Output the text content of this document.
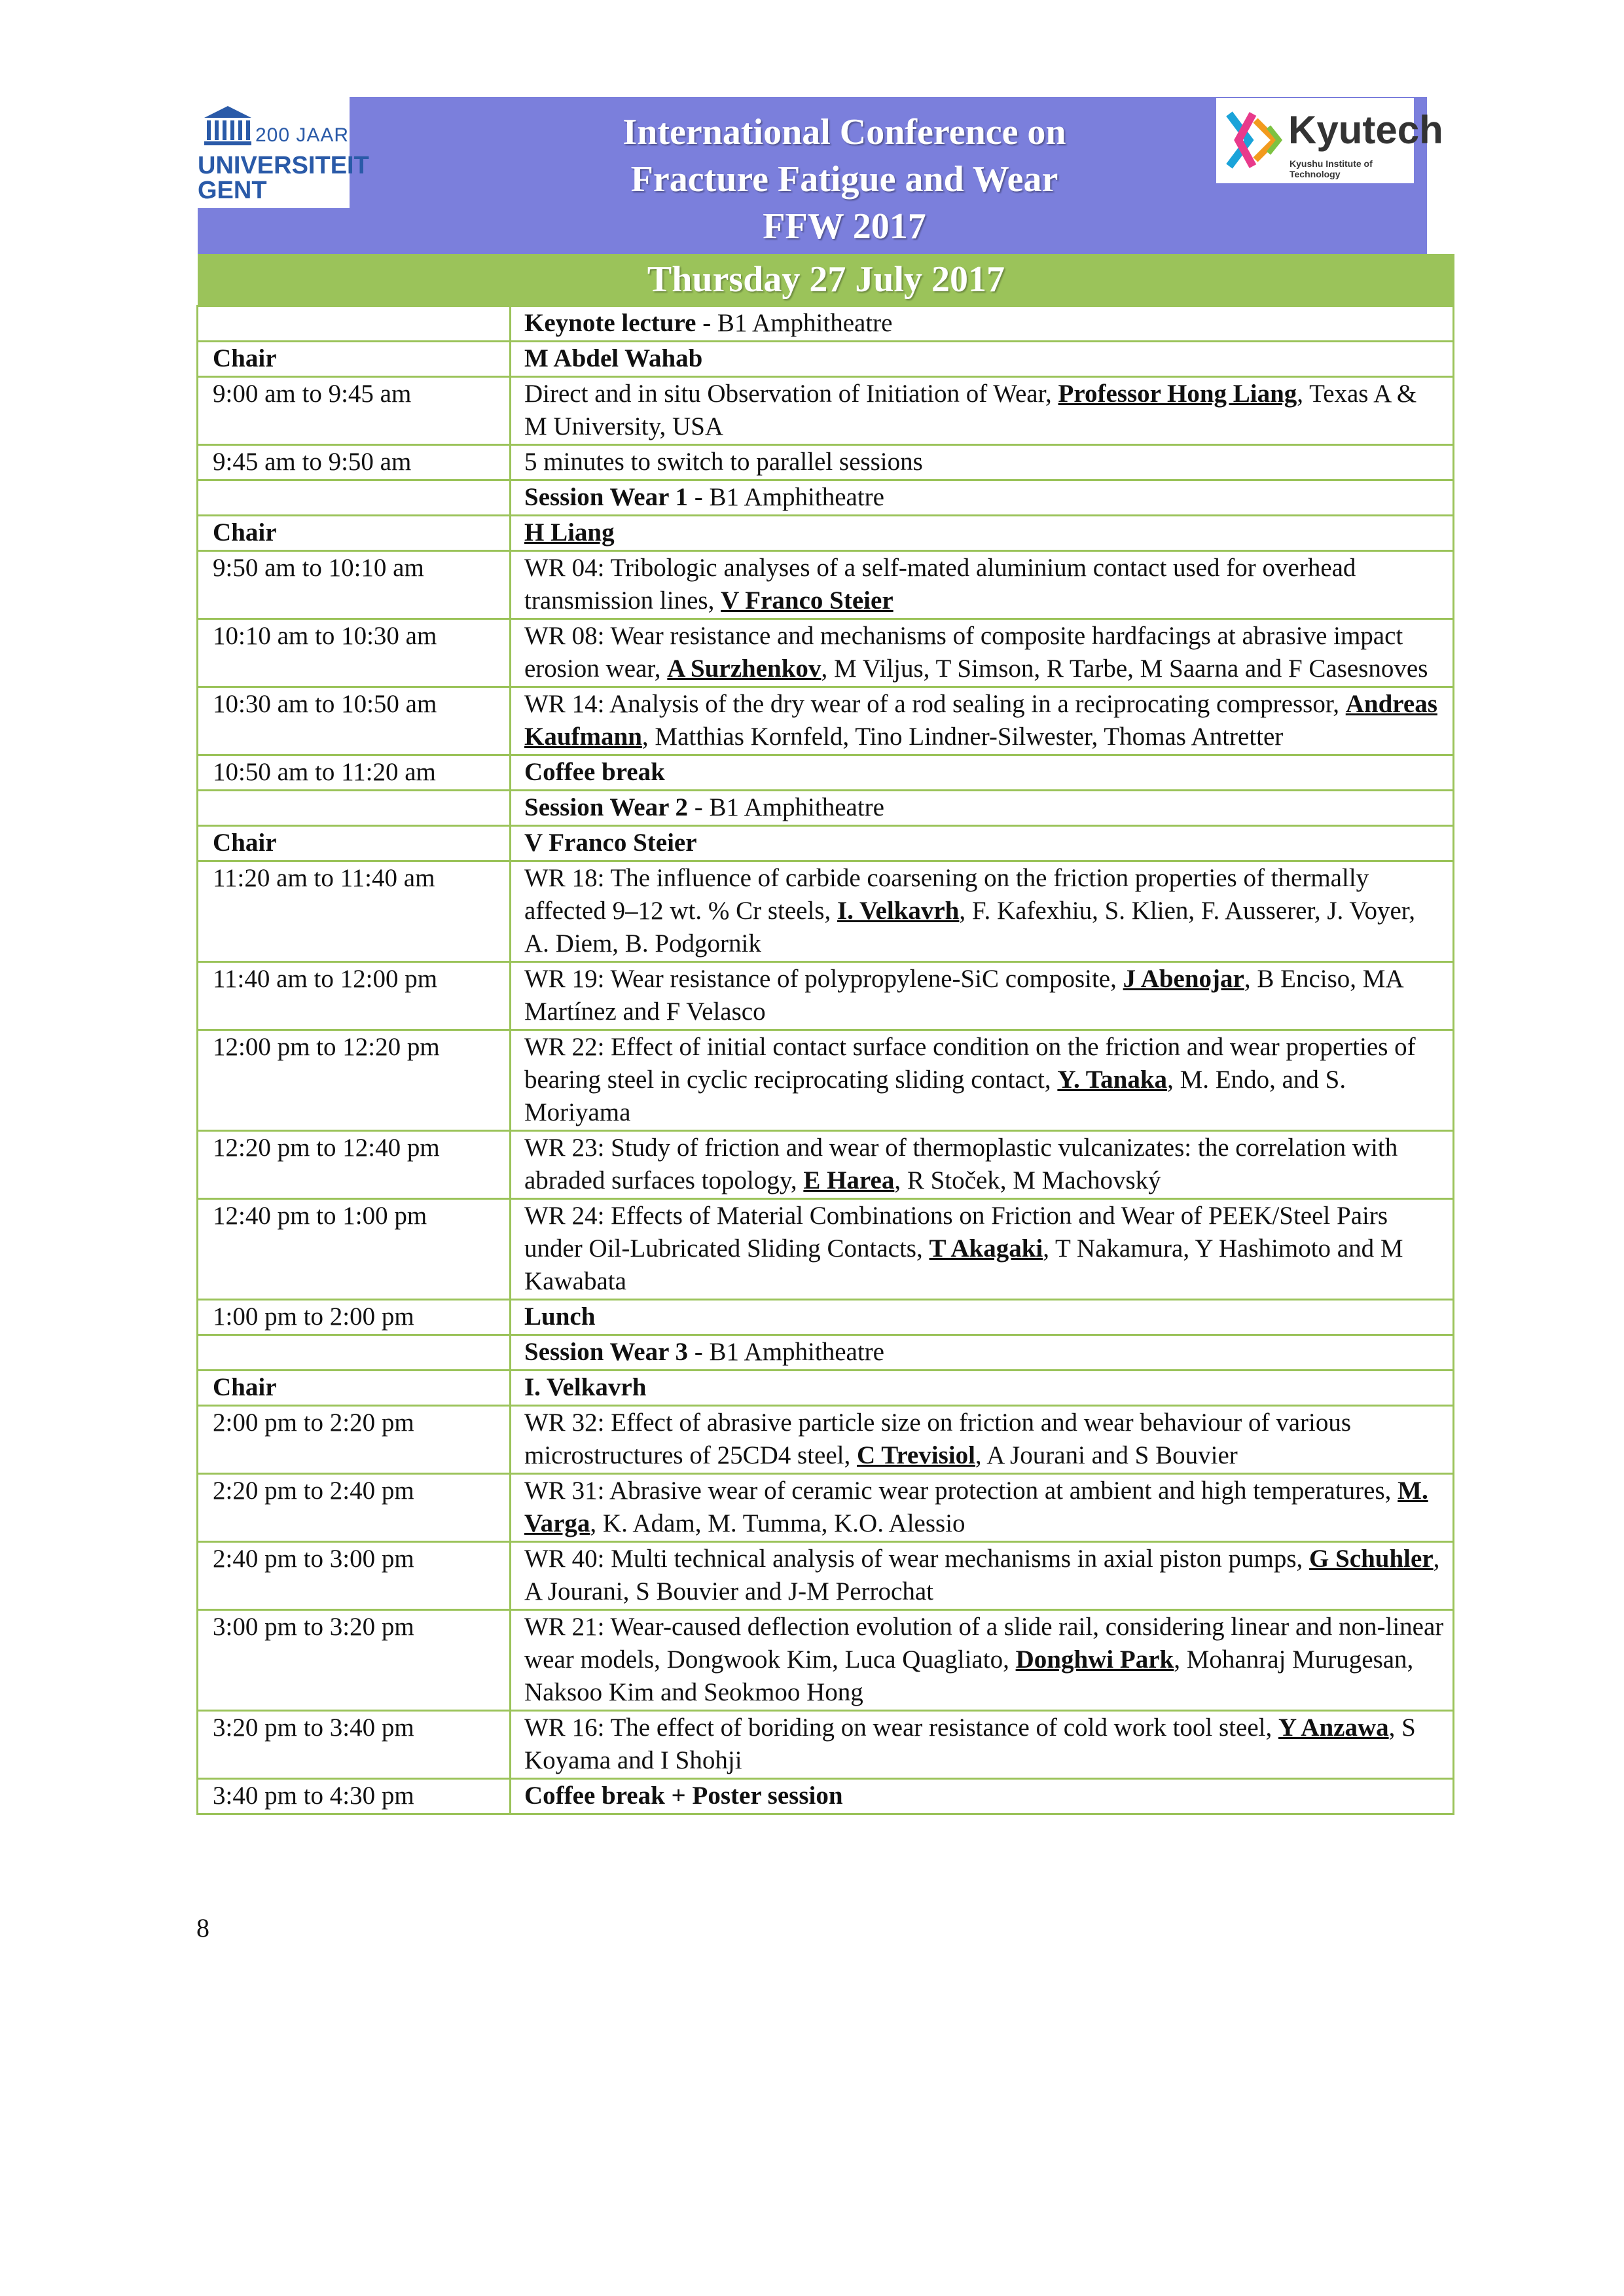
200 JAAR
UNIVERSITEIT
GENT
International Conference on
Fracture Fatigue and Wear
FFW 2017
Kyutech
Kyushu Institute of Technology
Thursday 27 July 2017
	Keynote lecture - B1 Amphitheatre
Chair	M Abdel Wahab
9:00 am to 9:45 am	Direct and in situ Observation of Initiation of Wear, Professor Hong Liang, Texas A & M University, USA
9:45 am to 9:50 am	5 minutes to switch to parallel sessions
	Session Wear 1 - B1 Amphitheatre
Chair	H Liang
9:50 am to 10:10 am	WR 04: Tribologic analyses of a self-mated aluminium contact used for overhead transmission lines, V Franco Steier
10:10 am to 10:30 am	WR 08: Wear resistance and mechanisms of composite hardfacings at abrasive impact erosion wear, A Surzhenkov, M Viljus, T Simson, R Tarbe, M Saarna and F Casesnoves
10:30 am to 10:50 am	WR 14: Analysis of the dry wear of a rod sealing in a reciprocating compressor, Andreas Kaufmann, Matthias Kornfeld, Tino Lindner-Silwester, Thomas Antretter
10:50 am to 11:20 am	Coffee break
	Session Wear 2 - B1 Amphitheatre
Chair	V Franco Steier
11:20 am to 11:40 am	WR 18: The influence of carbide coarsening on the friction properties of thermally affected 9–12 wt. % Cr steels, I. Velkavrh, F. Kafexhiu, S. Klien, F. Ausserer, J. Voyer, A. Diem, B. Podgornik
11:40 am to 12:00 pm	WR 19: Wear resistance of polypropylene-SiC composite, J Abenojar, B Enciso, MA Martínez and F Velasco
12:00 pm to 12:20 pm	WR 22: Effect of initial contact surface condition on the friction and wear properties of bearing steel in cyclic reciprocating sliding contact, Y. Tanaka, M. Endo, and S. Moriyama
12:20 pm to 12:40 pm	WR 23: Study of friction and wear of thermoplastic vulcanizates: the correlation with abraded surfaces topology, E Harea, R Stoček, M Machovský
12:40 pm to 1:00 pm	WR 24: Effects of Material Combinations on Friction and Wear of PEEK/Steel Pairs under Oil-Lubricated Sliding Contacts, T Akagaki, T Nakamura, Y Hashimoto and M Kawabata
1:00 pm to 2:00 pm	Lunch
	Session Wear 3 - B1 Amphitheatre
Chair	I. Velkavrh
2:00 pm to 2:20 pm	WR 32: Effect of abrasive particle size on friction and wear behaviour of various microstructures of 25CD4 steel, C Trevisiol, A Jourani and S Bouvier
2:20 pm to 2:40 pm	WR 31: Abrasive wear of ceramic wear protection at ambient and high temperatures, M. Varga, K. Adam, M. Tumma, K.O. Alessio
2:40 pm to 3:00 pm	WR 40: Multi technical analysis of wear mechanisms in axial piston pumps, G Schuhler, A Jourani, S Bouvier and J-M Perrochat
3:00 pm to 3:20 pm	WR 21: Wear-caused deflection evolution of a slide rail, considering linear and non-linear wear models, Dongwook Kim, Luca Quagliato, Donghwi Park, Mohanraj Murugesan, Naksoo Kim and Seokmoo Hong
3:20 pm to 3:40 pm	WR 16: The effect of boriding on wear resistance of cold work tool steel, Y Anzawa, S Koyama and I Shohji
3:40 pm to 4:30 pm	Coffee break + Poster session
8
